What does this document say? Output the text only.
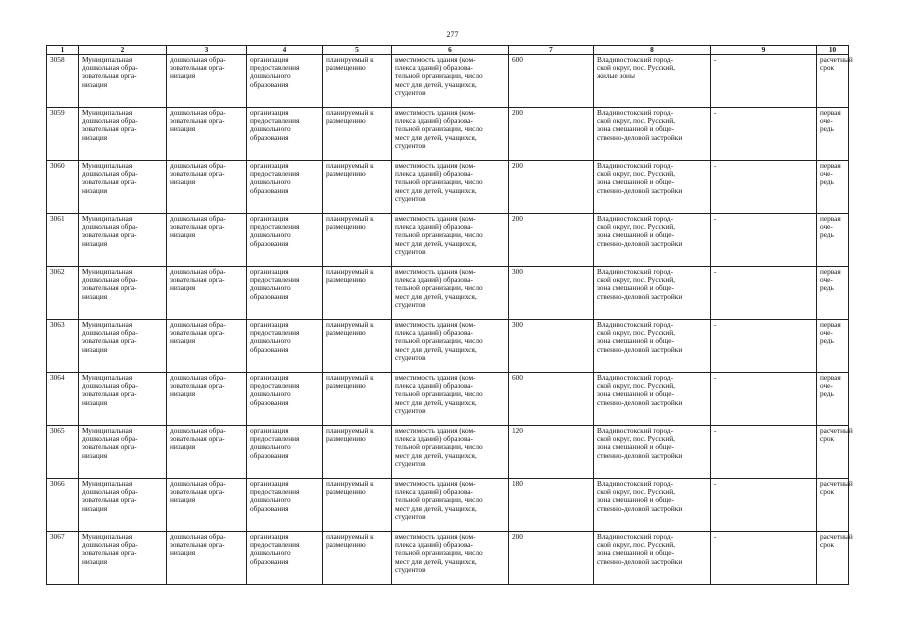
277
1	2	3	4	5	6	7	8	9	10
3058	Муниципальная
дошкольная обра-
зовательная орга-
низация	дошкольная обра-
зовательная орга-
низация	организация
предоставления
дошкольного
образования	планируемый к
размещению	вместимость здания (ком-
плекса зданий) образова-
тельной организации, число
мест для детей, учащихся,
студентов	600	Владивостокский город-
ской округ, пос. Русский,
жилые зоны	-	расчетный
срок
3059	Муниципальная
дошкольная обра-
зовательная орга-
низация	дошкольная обра-
зовательная орга-
низация	организация
предоставления
дошкольного
образования	планируемый к
размещению	вместимость здания (ком-
плекса зданий) образова-
тельной организации, число
мест для детей, учащихся,
студентов	200	Владивостокский город-
ской округ, пос. Русский,
зона смешанной и обще-
ственно-деловой застройки	-	первая оче-
редь
3060	Муниципальная
дошкольная обра-
зовательная орга-
низация	дошкольная обра-
зовательная орга-
низация	организация
предоставления
дошкольного
образования	планируемый к
размещению	вместимость здания (ком-
плекса зданий) образова-
тельной организации, число
мест для детей, учащихся,
студентов	200	Владивостокский город-
ской округ, пос. Русский,
зона смешанной и обще-
ственно-деловой застройки	-	первая оче-
редь
3061	Муниципальная
дошкольная обра-
зовательная орга-
низация	дошкольная обра-
зовательная орга-
низация	организация
предоставления
дошкольного
образования	планируемый к
размещению	вместимость здания (ком-
плекса зданий) образова-
тельной организации, число
мест для детей, учащихся,
студентов	200	Владивостокский город-
ской округ, пос. Русский,
зона смешанной и обще-
ственно-деловой застройки	-	первая оче-
редь
3062	Муниципальная
дошкольная обра-
зовательная орга-
низация	дошкольная обра-
зовательная орга-
низация	организация
предоставления
дошкольного
образования	планируемый к
размещению	вместимость здания (ком-
плекса зданий) образова-
тельной организации, число
мест для детей, учащихся,
студентов	300	Владивостокский город-
ской округ, пос. Русский,
зона смешанной и обще-
ственно-деловой застройки	-	первая оче-
редь
3063	Муниципальная
дошкольная обра-
зовательная орга-
низация	дошкольная обра-
зовательная орга-
низация	организация
предоставления
дошкольного
образования	планируемый к
размещению	вместимость здания (ком-
плекса зданий) образова-
тельной организации, число
мест для детей, учащихся,
студентов	300	Владивостокский город-
ской округ, пос. Русский,
зона смешанной и обще-
ственно-деловой застройки	-	первая оче-
редь
3064	Муниципальная
дошкольная обра-
зовательная орга-
низация	дошкольная обра-
зовательная орга-
низация	организация
предоставления
дошкольного
образования	планируемый к
размещению	вместимость здания (ком-
плекса зданий) образова-
тельной организации, число
мест для детей, учащихся,
студентов	600	Владивостокский город-
ской округ, пос. Русский,
зона смешанной и обще-
ственно-деловой застройки	-	первая оче-
редь
3065	Муниципальная
дошкольная обра-
зовательная орга-
низация	дошкольная обра-
зовательная орга-
низация	организация
предоставления
дошкольного
образования	планируемый к
размещению	вместимость здания (ком-
плекса зданий) образова-
тельной организации, число
мест для детей, учащихся,
студентов	120	Владивостокский город-
ской округ, пос. Русский,
зона смешанной и обще-
ственно-деловой застройки	-	расчетный
срок
3066	Муниципальная
дошкольная обра-
зовательная орга-
низация	дошкольная обра-
зовательная орга-
низация	организация
предоставления
дошкольного
образования	планируемый к
размещению	вместимость здания (ком-
плекса зданий) образова-
тельной организации, число
мест для детей, учащихся,
студентов	180	Владивостокский город-
ской округ, пос. Русский,
зона смешанной и обще-
ственно-деловой застройки	-	расчетный
срок
3067	Муниципальная
дошкольная обра-
зовательная орга-
низация	дошкольная обра-
зовательная орга-
низация	организация
предоставления
дошкольного
образования	планируемый к
размещению	вместимость здания (ком-
плекса зданий) образова-
тельной организации, число
мест для детей, учащихся,
студентов	200	Владивостокский город-
ской округ, пос. Русский,
зона смешанной и обще-
ственно-деловой застройки	-	расчетный
срок
